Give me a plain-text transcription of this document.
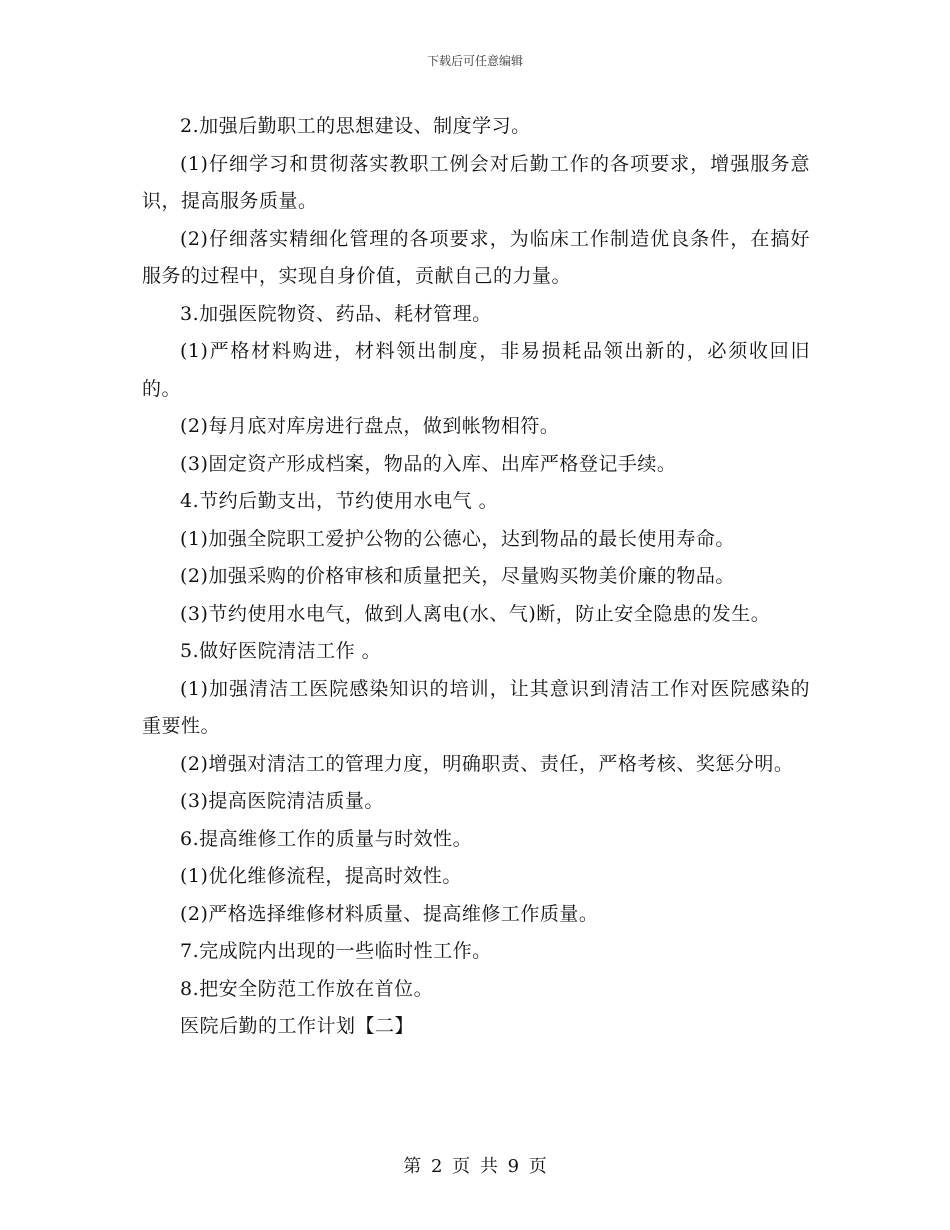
下载后可任意编辑

2.加强后勤职工的思想建设、制度学习。

(1)仔细学习和贯彻落实教职工例会对后勤工作的各项要求，增强服务意识，提高服务质量。

(2)仔细落实精细化管理的各项要求，为临床工作制造优良条件，在搞好服务的过程中，实现自身价值，贡献自己的力量。

3.加强医院物资、药品、耗材管理。

(1)严格材料购进，材料领出制度，非易损耗品领出新的，必须收回旧的。

(2)每月底对库房进行盘点，做到帐物相符。

(3)固定资产形成档案，物品的入库、出库严格登记手续。

4.节约后勤支出，节约使用水电气 。

(1)加强全院职工爱护公物的公德心，达到物品的最长使用寿命。

(2)加强采购的价格审核和质量把关，尽量购买物美价廉的物品。

(3)节约使用水电气，做到人离电(水、气)断，防止安全隐患的发生。

5.做好医院清洁工作 。

(1)加强清洁工医院感染知识的培训，让其意识到清洁工作对医院感染的重要性。

(2)增强对清洁工的管理力度，明确职责、责任，严格考核、奖惩分明。

(3)提高医院清洁质量。

6.提高维修工作的质量与时效性。

(1)优化维修流程，提高时效性。

(2)严格选择维修材料质量、提高维修工作质量。

7.完成院内出现的一些临时性工作。

8.把安全防范工作放在首位。

医院后勤的工作计划【二】

第 2 页 共 9 页
